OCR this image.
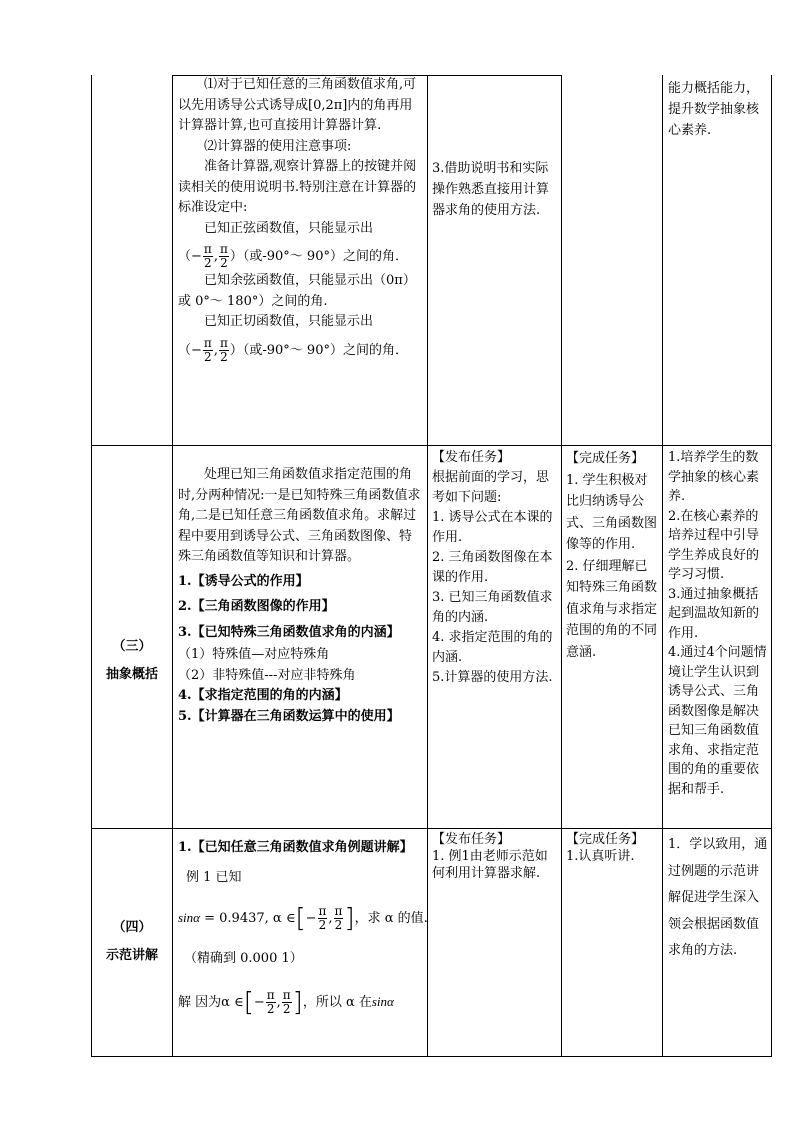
⑴对于已知任意的三角函数值求角,可以先用诱导公式诱导成[0,2π]内的角再用计算器计算,也可直接用计算器计算.

⑵计算器的使用注意事项:

准备计算器,观察计算器上的按键并阅读相关的使用说明书.特别注意在计算器的标准设定中:

已知正弦函数值，只能显示出

（− $\frac{\pi}{2}$ , $\frac{\pi}{2}$ ）（或-90°～ 90°）之间的角．

已知余弦函数值，只能显示出（0π）或 0°～ 180°）之间的角.

已知正切函数值，只能显示出

（− $\frac{\pi}{2}$ , $\frac{\pi}{2}$ ）（或-90°～ 90°）之间的角．

3.借助说明书和实际操作熟悉直接用计算器求角的使用方法.

能力概括能力，提升数学抽象核心素养.

（三）
抽象概括

处理已知三角函数值求指定范围的角时,分两种情况:一是已知特殊三角函数值求角,二是已知任意三角函数值求角。求解过程中要用到诱导公式、三角函数图像、特殊三角函数值等知识和计算器。

1.【诱导公式的作用】

2.【三角函数图像的作用】

3.【已知特殊三角函数值求角的内涵】

（1）特殊值—对应特殊角

（2）非特殊值---对应非特殊角

4.【求指定范围的角的内涵】

5.【计算器在三角函数运算中的使用】

【发布任务】

根据前面的学习，思考如下问题:

1. 诱导公式在本课的作用.

2. 三角函数图像在本课的作用.

3. 已知三角函数值求角的内涵.

4. 求指定范围的角的内涵.

5.计算器的使用方法.

【完成任务】

1. 学生积极对比归纳诱导公式、三角函数图像等的作用.

2. 仔细理解已知特殊三角函数值求角与求指定范围的角的不同意涵.

1.培养学生的数学抽象的核心素养.

2.在核心素养的培养过程中引导学生养成良好的学习习惯.

3.通过抽象概括起到温故知新的作用.

4.通过4个问题情境让学生认识到诱导公式、三角函数图像是解决已知三角函数值求角、求指定范围的角的重要依据和帮手.

（四）
示范讲解

1.【已知任意三角函数值求角例题讲解】

例 1 已知

sinα = 0.9437, α ∈[− $\frac{\pi}{2}$ , $\frac{\pi}{2}$ ]，求 α 的值.

（精确到 0.000 1）

解 因为α ∈[− $\frac{\pi}{2}$ , $\frac{\pi}{2}$ ]，所以 α 在sinα

【发布任务】

1. 例1由老师示范如何利用计算器求解.

【完成任务】

1.认真听讲.

1．学以致用，通过例题的示范讲解促进学生深入领会根据函数值求角的方法.
